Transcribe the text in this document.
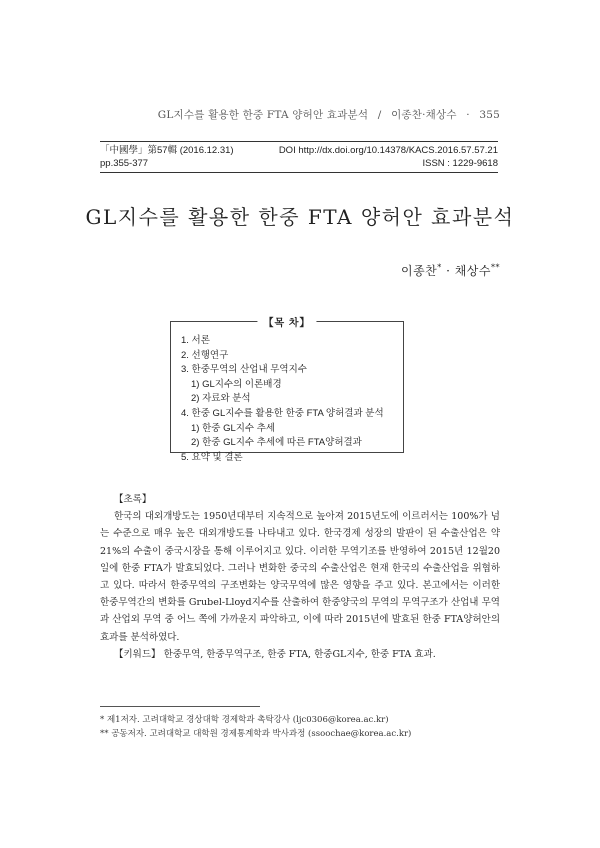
GL지수를 활용한 한중 FTA 양허안 효과분석 / 이종찬·채상수 · 355
「中國學」第57輯 (2016.12.31)	DOI http://dx.doi.org/10.14378/KACS.2016.57.57.21
pp.355-377	ISSN : 1229-9618
GL지수를 활용한 한중 FTA 양허안 효과분석
이종찬* · 채상수**
【목 차】
1. 서론
2. 선행연구
3. 한중무역의 산업내 무역지수
1) GL지수의 이론배경
2) 자료와 분석
4. 한중 GL지수를 활용한 한중 FTA 양허결과 분석
1) 한중 GL지수 추세
2) 한중 GL지수 추세에 따른 FTA양허결과
5. 요약 및 결론
【초록】

한국의 대외개방도는 1950년대부터 지속적으로 높아져 2015년도에 이르러서는 100%가 넘는 수준으로 매우 높은 대외개방도를 나타내고 있다. 한국경제 성장의 발판이 된 수출산업은 약 21%의 수출이 중국시장을 통해 이루어지고 있다. 이러한 무역기조를 반영하여 2015년 12월20일에 한중 FTA가 발효되었다. 그러나 변화한 중국의 수출산업은 현재 한국의 수출산업을 위협하고 있다. 따라서 한중무역의 구조변화는 양국무역에 많은 영향을 주고 있다. 본고에서는 이러한 한중무역간의 변화를 Grubel-Lloyd지수를 산출하여 한중양국의 무역의 무역구조가 산업내 무역과 산업외 무역 중 어느 쪽에 가까운지 파악하고, 이에 따라 2015년에 발효된 한중 FTA양허안의 효과를 분석하였다.

【키워드】 한중무역, 한중무역구조, 한중 FTA, 한중GL지수, 한중 FTA 효과.

* 제1저자. 고려대학교 경상대학 경제학과 촉탁강사 (ljc0306@korea.ac.kr)

** 공동저자. 고려대학교 대학원 경제통계학과 박사과정 (ssoochae@korea.ac.kr)
